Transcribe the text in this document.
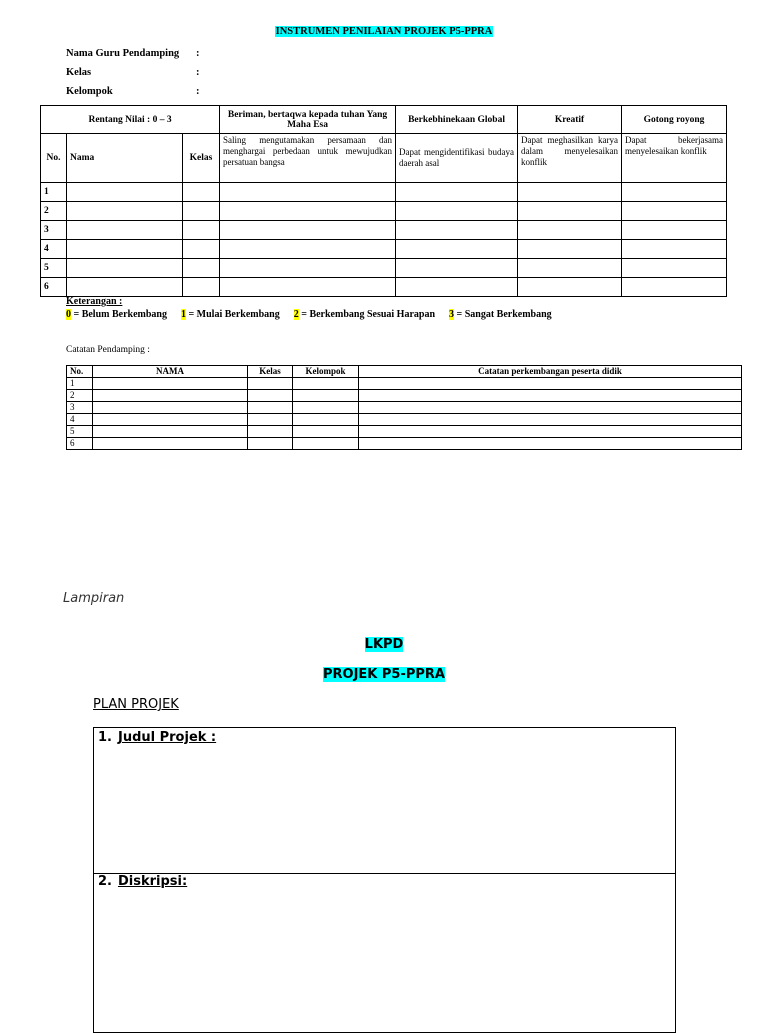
INSTRUMEN PENILAIAN PROJEK P5-PPRA
Nama Guru Pendamping :
Kelas	:
Kelompok	:
Rentang Nilai : 0 – 3			Beriman, bertaqwa kepada tuhan Yang Maha Esa	Berkebhinekaan Global	Kreatif	Gotong royong
No.	Nama	Kelas	Saling mengutamakan persamaan dan menghargai perbedaan untuk mewujudkan persatuan bangsa	Dapat mengidentifikasi budaya daerah asal	Dapat meghasilkan karya dalam menyelesaikan konflik	Dapat bekerjasama menyelesaikan konflik
1						
2						
3						
4						
5						
6						
Keterangan :
0 = Belum Berkembang 1 = Mulai Berkembang 2 = Berkembang Sesuai Harapan 3 = Sangat Berkembang
Catatan Pendamping :
No.	NAMA	Kelas	Kelompok	Catatan perkembangan peserta didik
1				
2				
3				
4				
5				
6				
Lampiran
LKPD
PROJEK P5-PPRA
PLAN PROJEK
1. Judul Projek :
2. Diskripsi:
